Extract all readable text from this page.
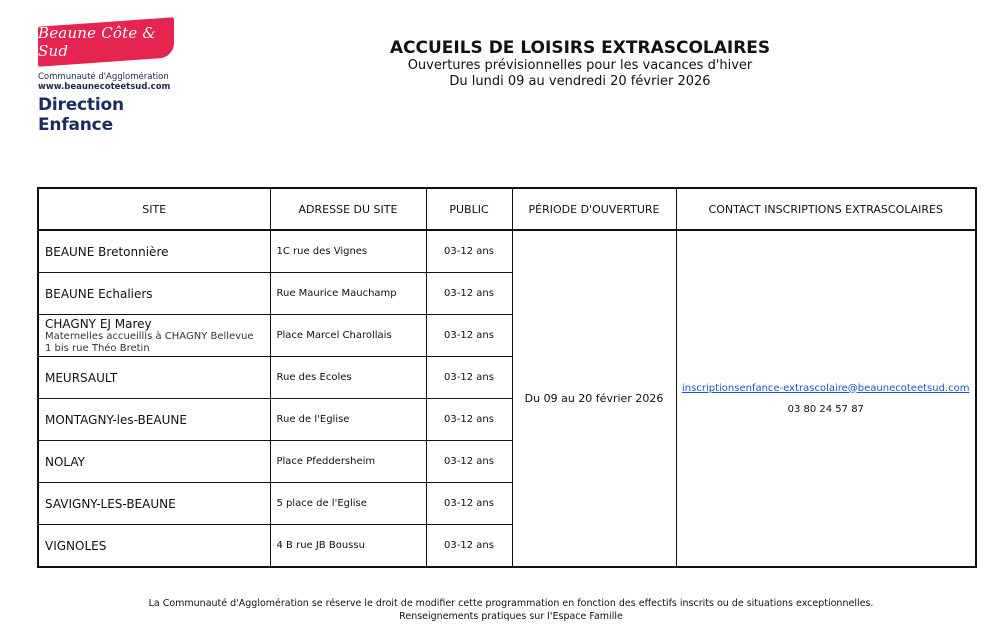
Beaune Côte & Sud
Communauté d'Agglomération
www.beaunecoteetsud.com
Direction Enfance
ACCUEILS DE LOISIRS EXTRASCOLAIRES
Ouvertures prévisionnelles pour les vacances d'hiver
Du lundi 09 au vendredi 20 février 2026
SITE	ADRESSE DU SITE	PUBLIC	PÉRIODE D'OUVERTURE	CONTACT INSCRIPTIONS EXTRASCOLAIRES
BEAUNE Bretonnière	1C rue des Vignes	03-12 ans	Du 09 au 20 février 2026	inscriptionsenfance-extrascolaire@beaunecoteetsud.com
03 80 24 57 87

BEAUNE Echaliers	Rue Maurice Mauchamp	03-12 ans		

CHAGNY EJ Marey
Maternelles accueillis à CHAGNY Bellevue
1 bis rue Théo Bretin	Place Marcel Charollais	03-12 ans		
MEURSAULT	Rue des Ecoles	03-12 ans		
MONTAGNY-les-BEAUNE	Rue de l'Eglise	03-12 ans		
NOLAY	Place Pfeddersheim	03-12 ans		
SAVIGNY-LES-BEAUNE	5 place de l'Eglise	03-12 ans		
VIGNOLES	4 B rue JB Boussu	03-12 ans		
La Communauté d'Agglomération se réserve le droit de modifier cette programmation en fonction des effectifs inscrits ou de situations exceptionnelles.
Renseignements pratiques sur l'Espace Famille
